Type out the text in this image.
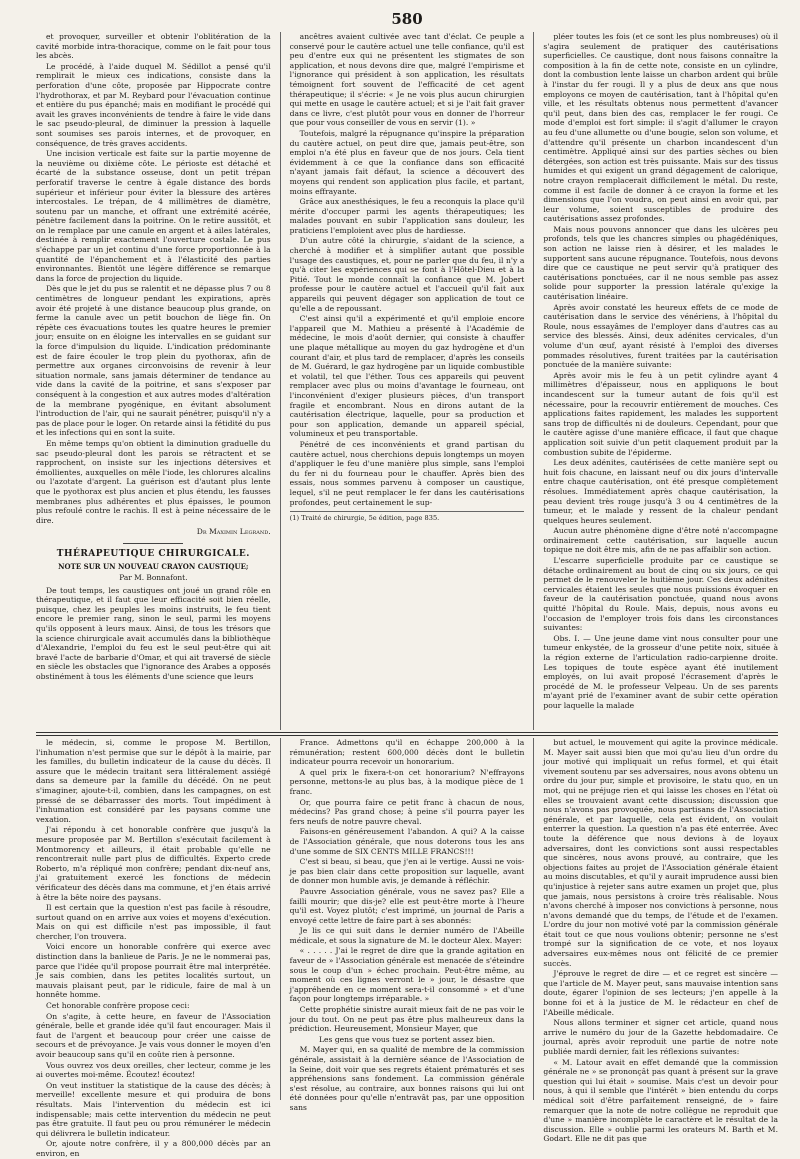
580

et provoquer, surveiller et obtenir l'oblitération de la cavité morbide intra-thoracique, comme on le fait pour tous les abcès.

Le procédé, à l'aide duquel M. Sédillot a pensé qu'il remplirait le mieux ces indications, consiste dans la perforation d'une côte, proposée par Hippocrate contre l'hydrothorax, et par M. Reybard pour l'évacuation continue et entière du pus épanché; mais en modifiant le procédé qui avait les graves inconvénients de tendre à faire le vide dans le sac pseudo-pleural, de diminuer la pression à laquelle sont soumises ses parois internes, et de provoquer, en conséquence, de très graves accidents.

Une incision verticale est faite sur la partie moyenne de la neuvième ou dixième côte. Le périoste est détaché et écarté de la substance osseuse, dont un petit trépan perforatif traverse le centre à égale distance des bords supérieur et inférieur pour éviter la blessure des artères intercostales. Le trépan, de 4 millimètres de diamètre, soutenu par un manche, et offrant une extrémité acérée, pénètre facilement dans la poitrine. On le retire aussitôt, et on le remplace par une canule en argent et à ailes latérales, destinée à remplir exactement l'ouverture costale. Le pus s'échappe par un jet continu d'une force proportionnée à la quantité de l'épanchement et à l'élasticité des parties environnantes. Bientôt une légère différence se remarque dans la force de projection du liquide.

Dès que le jet du pus se ralentit et ne dépasse plus 7 ou 8 centimètres de longueur pendant les expirations, après avoir été projeté à une distance beaucoup plus grande, on ferme la canule avec un petit bouchon de liège fin. On répète ces évacuations toutes les quatre heures le premier jour; ensuite on en éloigne les intervalles en se guidant sur la force d'impulsion du liquide. L'indication prédominante est de faire écouler le trop plein du pyothorax, afin de permettre aux organes circonvoisins de revenir à leur situation normale, sans jamais déterminer de tendance au vide dans la cavité de la poitrine, et sans s'exposer par conséquent à la congestion et aux autres modes d'altération de la membrane pyogénique, en évitant absolument l'introduction de l'air, qui ne saurait pénétrer, puisqu'il n'y a pas de place pour le loger. On retarde ainsi la fétidité du pus et les infections qui en sont la suite.

En même temps qu'on obtient la diminution graduelle du sac pseudo-pleural dont les parois se rétractent et se rapprochent, on insiste sur les injections détersives et émollientes, auxquelles on mêle l'iode, les chlorures alcalins ou l'azotate d'argent. La guérison est d'autant plus lente que le pyothorax est plus ancien et plus étendu, les fausses membranes plus adhérentes et plus épaisses, le poumon plus refoulé contre le rachis. Il est à peine nécessaire de le dire.

Dr Maximin Legrand.
THÉRAPEUTIQUE CHIRURGICALE.
NOTE SUR UN NOUVEAU CRAYON CAUSTIQUE;
Par M. Bonnafont.

De tout temps, les caustiques ont joué un grand rôle en thérapeutique, et il faut que leur efficacité soit bien réelle, puisque, chez les peuples les moins instruits, le feu tient encore le premier rang, sinon le seul, parmi les moyens qu'ils opposent à leurs maux. Ainsi, de tous les trésors que la science chirurgicale avait accumulés dans la bibliothèque d'Alexandrie, l'emploi du feu est le seul peut-être qui ait bravé l'acte de barbarie d'Omar, et qui ait traversé de siècle en siècle les obstacles que l'ignorance des Arabes a opposés obstinément à tous les éléments d'une science que leurs

ancêtres avaient cultivée avec tant d'éclat. Ce peuple a conservé pour le cautère actuel une telle confiance, qu'il est peu d'entre eux qui ne présentent les stigmates de son application, et nous devons dire que, malgré l'empirisme et l'ignorance qui président à son application, les résultats témoignent fort souvent de l'efficacité de cet agent thérapeutique; il s'écrie: « Je ne vois plus aucun chirurgien qui mette en usage le cautère actuel; et si je l'ait fait graver dans ce livre, c'est plutôt pour vous en donner de l'horreur que pour vous conseiller de vous en servir (1). »

Toutefois, malgré la répugnance qu'inspire la préparation du cautère actuel, on peut dire que, jamais peut-être, son emploi n'a été plus en faveur que de nos jours. Cela tient évidemment à ce que la confiance dans son efficacité n'ayant jamais fait défaut, la science a découvert des moyens qui rendent son application plus facile, et partant, moins effrayante.

Grâce aux anesthésiques, le feu a reconquis la place qu'il mérite d'occuper parmi les agents thérapeutiques; les malades pouvant en subir l'application sans douleur, les praticiens l'emploient avec plus de hardiesse.

D'un autre côté la chirurgie, s'aidant de la science, a cherché à modifier et à simplifier autant que possible l'usage des caustiques, et, pour ne parler que du feu, il n'y a qu'à citer les expériences qui se font à l'Hôtel-Dieu et à la Pitié. Tout le monde connaît la confiance que M. Jobert professe pour le cautère actuel et l'accueil qu'il fait aux appareils qui peuvent dégager son application de tout ce qu'elle a de repoussant.

C'est ainsi qu'il a expérimenté et qu'il emploie encore l'appareil que M. Mathieu a présenté à l'Académie de médecine, le mois d'août dernier, qui consiste à chauffer une plaque métallique au moyen du gaz hydrogène et d'un courant d'air, et plus tard de remplacer, d'après les conseils de M. Guérard, le gaz hydrogène par un liquide combustible et volatil, tel que l'éther. Tous ces appareils qui peuvent remplacer avec plus ou moins d'avantage le fourneau, ont l'inconvénient d'exiger plusieurs pièces, d'un transport fragile et encombrant. Nous en dirons autant de la cautérisation électrique, laquelle, pour sa production et pour son application, demande un appareil spécial, volumineux et peu transportable.

Pénétré de ces inconvénients et grand partisan du cautère actuel, nous cherchions depuis longtemps un moyen d'appliquer le feu d'une manière plus simple, sans l'emploi du fer ni du fourneau pour le chauffer. Après bien des essais, nous sommes parvenu à composer un caustique, lequel, s'il ne peut remplacer le fer dans les cautérisations profondes, peut certainement le sup-

(1) Traité de chirurgie, 5e édition, page 835.

pléer toutes les fois (et ce sont les plus nombreuses) où il s'agira seulement de pratiquer des cautérisations superficielles. Ce caustique, dont nous faisons connaître la composition à la fin de cette note, consiste en un cylindre, dont la combustion lente laisse un charbon ardent qui brûle à l'instar du fer rougi. Il y a plus de deux ans que nous employons ce moyen de cautérisation, tant à l'hôpital qu'en ville, et les résultats obtenus nous permettent d'avancer qu'il peut, dans bien des cas, remplacer le fer rougi. Ce mode d'emploi est fort simple: il s'agit d'allumer le crayon au feu d'une allumette ou d'une bougie, selon son volume, et d'attendre qu'il présente un charbon incandescent d'un centimètre. Appliqué ainsi sur des parties sèches ou bien détergées, son action est très puissante. Mais sur des tissus humides et qui exigent un grand dégagement de calorique, notre crayon remplacerait difficilement le métal. Du reste, comme il est facile de donner à ce crayon la forme et les dimensions que l'on voudra, on peut ainsi en avoir qui, par leur volume, soient susceptibles de produire des cautérisations assez profondes.

Mais nous pouvons annoncer que dans les ulcères peu profonds, tels que les chancres simples ou phagédéniques, son action ne laisse rien à désirer, et les malades le supportent sans aucune répugnance. Toutefois, nous devons dire que ce caustique ne peut servir qu'à pratiquer des cautérisations ponctuées, car il ne nous semble pas assez solide pour supporter la pression latérale qu'exige la cautérisation linéaire.

Après avoir constaté les heureux effets de ce mode de cautérisation dans le service des vénériens, à l'hôpital du Roule, nous essayâmes de l'employer dans d'autres cas au service des blessés. Ainsi, deux adénites cervicales, d'un volume d'un œuf, ayant résisté à l'emploi des diverses pommades résolutives, furent traitées par la cautérisation ponctuée de la manière suivante:

Après avoir mis le feu à un petit cylindre ayant 4 millimètres d'épaisseur, nous en appliquons le bout incandescent sur la tumeur autant de fois qu'il est nécessaire, pour la recouvrir entièrement de mouches. Ces applications faites rapidement, les malades les supportent sans trop de difficultés ni de douleurs. Cependant, pour que le cautère agisse d'une manière efficace, il faut que chaque application soit suivie d'un petit claquement produit par la combustion subite de l'épiderme.

Les deux adénites, cautérisées de cette manière sept ou huit fois chacune, en laissant neuf ou dix jours d'intervalle entre chaque cautérisation, ont été presque complètement résolues. Immédiatement après chaque cautérisation, la peau devient très rouge jusqu'à 3 ou 4 centimètres de la tumeur, et le malade y ressent de la chaleur pendant quelques heures seulement.

Aucun autre phénomène digne d'être noté n'accompagne ordinairement cette cautérisation, sur laquelle aucun topique ne doit être mis, afin de ne pas affaiblir son action.

L'escarre superficielle produite par ce caustique se détache ordinairement au bout de cinq ou six jours, ce qui permet de le renouveler le huitième jour. Ces deux adénites cervicales étaient les seules que nous puissions évoquer en faveur de la cautérisation ponctuée, quand nous avons quitté l'hôpital du Roule. Mais, depuis, nous avons eu l'occasion de l'employer trois fois dans les circonstances suivantes:

Obs. I. — Une jeune dame vint nous consulter pour une tumeur enkystée, de la grosseur d'une petite noix, située à la région externe de l'articulation radio-carpienne droite. Les topiques de toute espèce ayant été inutilement employés, on lui avait proposé l'écrasement d'après le procédé de M. le professeur Velpeau. Un de ses parents m'ayant prié de l'examiner avant de subir cette opération pour laquelle la malade

le médecin, si, comme le propose M. Bertillon, l'inhumation n'est permise que sur le dépôt à la mairie, par les familles, du bulletin indicateur de la cause du décès. Il assure que le médecin traitant sera littéralement assiégé dans sa demeure par la famille du décédé. On ne peut s'imaginer, ajoute-t-il, combien, dans les campagnes, on est pressé de se débarrasser des morts. Tout impédiment à l'inhumation est considéré par les paysans comme une vexation.

J'ai répondu à cet honorable confrère que jusqu'à la mesure proposée par M. Bertillon s'exécutait facilement à Montmorency et ailleurs, il était probable qu'elle ne rencontrerait nulle part plus de difficultés. Experto crede Roberto, m'a répliqué mon confrère; pendant dix-neuf ans, j'ai gratuitement exercé les fonctions de médecin vérificateur des décès dans ma commune, et j'en étais arrivé à être la bête noire des paysans.

Il est certain que la question n'est pas facile à résoudre, surtout quand on en arrive aux voies et moyens d'exécution. Mais on qui est difficile n'est pas impossible, il faut chercher, l'on trouvera.

Voici encore un honorable confrère qui exerce avec distinction dans la banlieue de Paris. Je ne le nommerai pas, parce que l'idée qu'il propose pourrait être mal interprétée. Je sais combien, dans les petites localités surtout, un mauvais plaisant peut, par le ridicule, faire de mal à un honnête homme.

Cet honorable confrère propose ceci:

On s'agite, à cette heure, en faveur de l'Association générale, belle et grande idée qu'il faut encourager. Mais il faut de l'argent et beaucoup pour créer une caisse de secours et de prévoyance. Je vais vous donner le moyen d'en avoir beaucoup sans qu'il en coûte rien à personne.

Vous ouvrez vos deux oreilles, cher lecteur, comme je les ai ouvertes moi-même. Écoutez! écoutez!

On veut instituer la statistique de la cause des décès; à merveille! excellente mesure et qui produira de bons résultats. Mais l'intervention du médecin est ici indispensable; mais cette intervention du médecin ne peut pas être gratuite. Il faut peu ou prou rémunérer le médecin qui délivrera le bulletin indicateur.

Or, ajoute notre confrère, il y a 800,000 décès par an environ, en

France. Admettons qu'il en échappe 200,000 à la rémunération; restent 600,000 décès dont le bulletin indicateur pourra recevoir un honorarium.

A quel prix le fixera-t-on cet honorarium? N'effrayons personne, mettons-le au plus bas, à la modique pièce de 1 franc.

Or, que pourra faire ce petit franc à chacun de nous, médecins? Pas grand chose; à peine s'il pourra payer les fers neufs de notre pauvre cheval.

Faisons-en généreusement l'abandon. A qui? A la caisse de l'Association générale, que nous doterons tous les ans d'une somme de SIX CENTS MILLE FRANCS!!!

C'est si beau, si beau, que j'en ai le vertige. Aussi ne vois-je pas bien clair dans cette proposition sur laquelle, avant de donner mon humble avis, je demande à réfléchir.

Pauvre Association générale, vous ne savez pas? Elle a failli mourir; que dis-je? elle est peut-être morte à l'heure qu'il est. Voyez plutôt; c'est imprimé, un journal de Paris a envoyé cette lettre de faire part à ses abonnés:

Je lis ce qui suit dans le dernier numéro de l'Abeille médicale, et sous la signature de M. le docteur Alex. Mayer:

« . . . . . J'ai le regret de dire que la grande agitation en faveur de » l'Association générale est menacée de s'éteindre sous le coup d'un » échec prochain. Peut-être même, au moment où ces lignes verront le » jour, le désastre que j'appréhende en ce moment sera-t-il consommé » et d'une façon pour longtemps irréparable. »

Cette prophétie sinistre aurait mieux fait de ne pas voir le jour du tout. On ne peut pas être plus malheureux dans la prédiction. Heureusement, Monsieur Mayer, que

Les gens que vous tuez se portent assez bien.

M. Mayer qui, en sa qualité de membre de la commission générale, assistait à la dernière séance de l'Association de la Seine, doit voir que ses regrets étaient prématurés et ses appréhensions sans fondement. La commission générale s'est résolue, au contraire, aux bonnes raisons qui lui ont été données pour qu'elle n'entravât pas, par une opposition sans

but actuel, le mouvement qui agite la province médicale. M. Mayer sait aussi bien que moi qu'au lieu d'un ordre du jour motivé qui impliquait un refus formel, et qui était vivement soutenu par ses adversaires, nous avons obtenu un ordre du jour pur, simple et provisoire, le statu quo, en un mot, qui ne préjuge rien et qui laisse les choses en l'état où elles se trouvaient avant cette discussion; discussion que nous n'avons pas provoquée, nous partisans de l'Association générale, et par laquelle, cela est évident, on voulait enterrer la question. La question n'a pas été enterrée. Avec toute la déférence que nous devions à de loyaux adversaires, dont les convictions sont aussi respectables que sincères, nous avons prouvé, au contraire, que les objections faites au projet de l'Association générale étaient au moins discutables, et qu'il y aurait imprudence aussi bien qu'injustice à rejeter sans autre examen un projet que, plus que jamais, nous persistons à croire très réalisable. Nous n'avons cherché à imposer nos convictions à personne, nous n'avons demandé que du temps, de l'étude et de l'examen. L'ordre du jour non motivé voté par la commission générale était tout ce que nous voulions obtenir; personne ne s'est trompé sur la signification de ce vote, et nos loyaux adversaires eux-mêmes nous ont félicité de ce premier succès.

J'éprouve le regret de dire — et ce regret est sincère — que l'article de M. Mayer peut, sans mauvaise intention sans doute, égarer l'opinion de ses lecteurs; j'en appelle à la bonne foi et à la justice de M. le rédacteur en chef de l'Abeille médicale.

Nous allons terminer et signer cet article, quand nous arrive le numéro du jour de la Gazette hebdomadaire. Ce journal, après avoir reproduit une partie de notre note publiée mardi dernier, fait les réflexions suivantes:

« M. Latour avait en effet demandé que la commission générale ne » se prononçât pas quant à présent sur la grave question qui lui était » soumise. Mais c'est un devoir pour nous, à qui il semble que l'intérêt » bien entendu du corps médical soit d'être parfaitement renseigné, de » faire remarquer que la note de notre collègue ne reproduit que d'une » manière incomplète le caractère et le résultat de la discussion. Elle » oublie parmi les orateurs M. Barth et M. Godart. Elle ne dit pas que
